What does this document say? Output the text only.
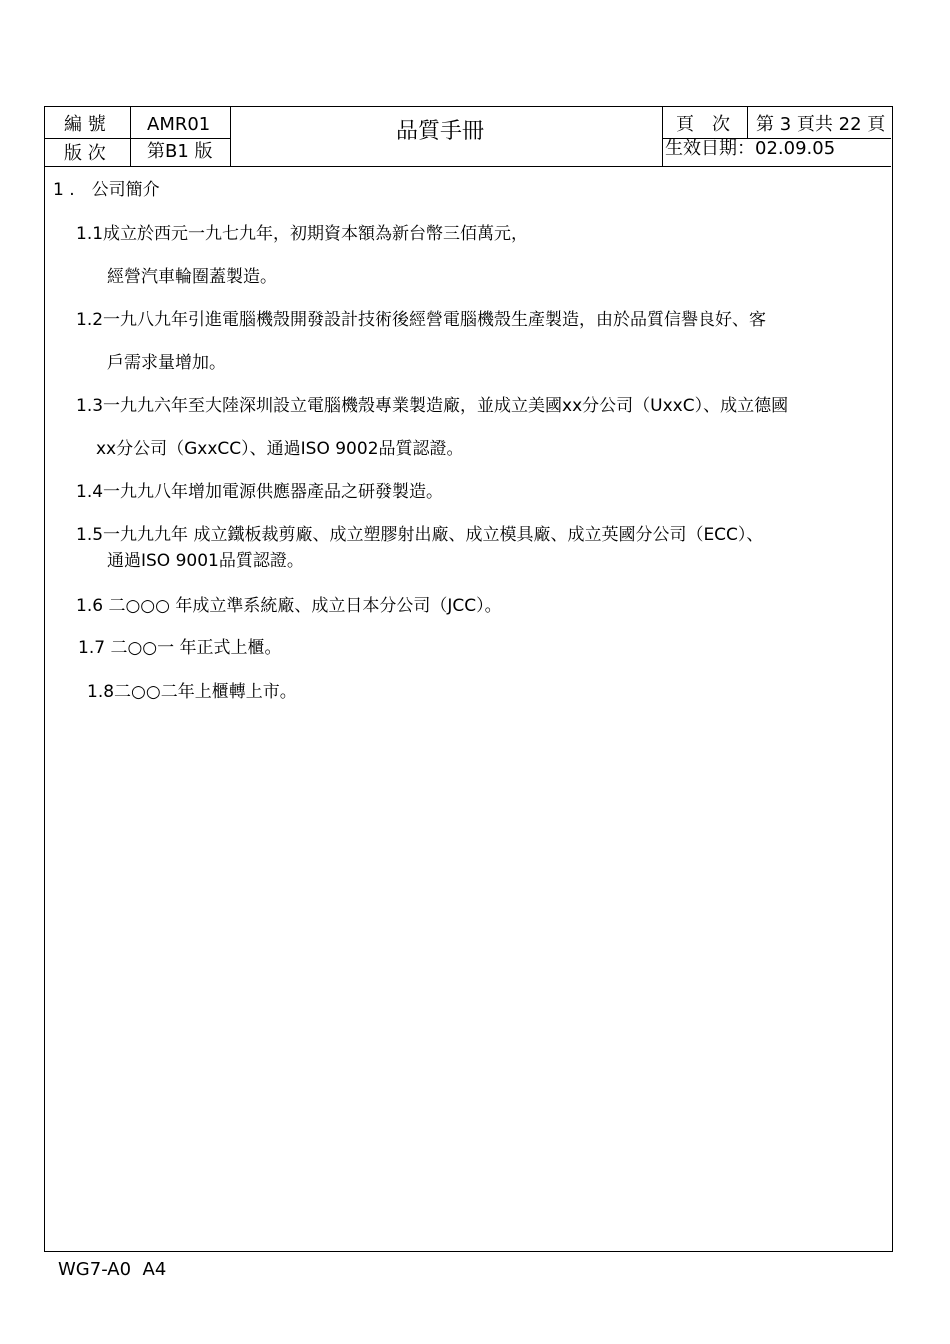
編 號 AMR01
版 次 第B1 版
品質手冊	頁　次 第 3 頁共 22 頁
生效日期：02.09.05
1 .　公司簡介
1.1成立於西元一九七九年，初期資本額為新台幣三佰萬元，
經營汽車輪圈蓋製造。
1.2一九八九年引進電腦機殼開發設計技術後經營電腦機殼生產製造，由於品質信譽良好、客
戶需求量增加。
1.3一九九六年至大陸深圳設立電腦機殼專業製造廠，並成立美國xx分公司（UxxC）、成立德國
xx分公司（GxxCC）、通過ISO 9002品質認證。
1.4一九九八年增加電源供應器產品之研發製造。
1.5一九九九年 成立鐵板裁剪廠、成立塑膠射出廠、成立模具廠、成立英國分公司（ECC）、
通過ISO 9001品質認證。
1.6 二○○○ 年成立準系統廠、成立日本分公司（JCC）。
1.7 二○○一 年正式上櫃。
1.8二○○二年上櫃轉上市。
WG7-A0  A4
